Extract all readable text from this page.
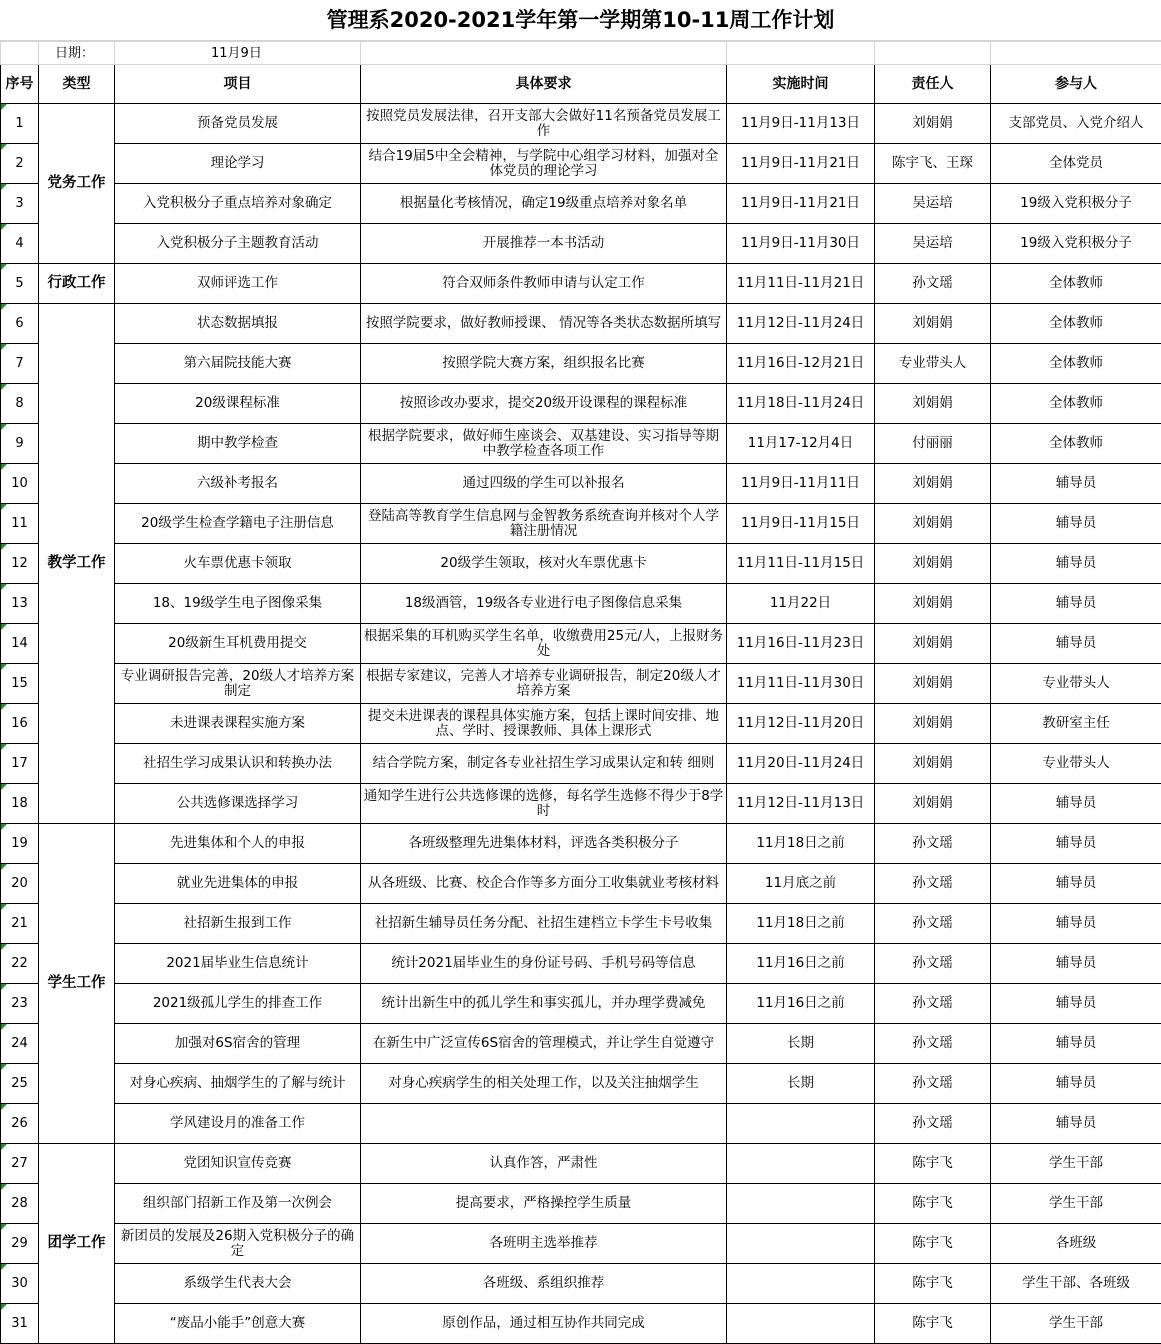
管理系2020-2021学年第一学期第10-11周工作计划
	日期：	11月9日				
序号	类型	项目	具体要求	实施时间	责任人	参与人
1	党务工作	预备党员发展	按照党员发展法律，召开支部大会做好11名预备党员发展工作	11月9日-11月13日	刘娟娟	支部党员、入党介绍人
2		理论学习	结合19届5中全会精神，与学院中心组学习材料，加强对全体党员的理论学习	11月9日-11月21日	陈宇飞、王琛	全体党员
3		入党积极分子重点培养对象确定	根据量化考核情况，确定19级重点培养对象名单	11月9日-11月21日	吴运培	19级入党积极分子
4		入党积极分子主题教育活动	开展推荐一本书活动	11月9日-11月30日	吴运培	19级入党积极分子
5	行政工作	双师评选工作	符合双师条件教师申请与认定工作	11月11日-11月21日	孙文瑶	全体教师
6	教学工作	状态数据填报	按照学院要求，做好教师授课、 情况等各类状态数据所填写	11月12日-11月24日	刘娟娟	全体教师
7		第六届院技能大赛	按照学院大赛方案，组织报名比赛	11月16日-12月21日	专业带头人	全体教师
8		20级课程标准	按照诊改办要求，提交20级开设课程的课程标准	11月18日-11月24日	刘娟娟	全体教师
9		期中教学检查	根据学院要求，做好师生座谈会、双基建设、实习指导等期中教学检查各项工作	11月17-12月4日	付丽丽	全体教师
10		六级补考报名	通过四级的学生可以补报名	11月9日-11月11日	刘娟娟	辅导员
11		20级学生检查学籍电子注册信息	登陆高等教育学生信息网与金智教务系统查询并核对个人学籍注册情况	11月9日-11月15日	刘娟娟	辅导员
12		火车票优惠卡领取	20级学生领取，核对火车票优惠卡	11月11日-11月15日	刘娟娟	辅导员
13		18、19级学生电子图像采集	18级酒管，19级各专业进行电子图像信息采集	11月22日	刘娟娟	辅导员
14		20级新生耳机费用提交	根据采集的耳机购买学生名单，收缴费用25元/人，上报财务处	11月16日-11月23日	刘娟娟	辅导员
15		专业调研报告完善，20级人才培养方案制定	根据专家建议，完善人才培养专业调研报告，制定20级人才培养方案	11月11日-11月30日	刘娟娟	专业带头人
16		未进课表课程实施方案	提交未进课表的课程具体实施方案，包括上课时间安排、地点、学时、授课教师、具体上课形式	11月12日-11月20日	刘娟娟	教研室主任
17		社招生学习成果认识和转换办法	结合学院方案，制定各专业社招生学习成果认定和转 细则	11月20日-11月24日	刘娟娟	专业带头人
18		公共选修课选择学习	通知学生进行公共选修课的选修，每名学生选修不得少于8学时	11月12日-11月13日	刘娟娟	辅导员
19	学生工作	先进集体和个人的申报	各班级整理先进集体材料，评选各类积极分子	11月18日之前	孙文瑶	辅导员
20		就业先进集体的申报	从各班级、比赛、校企合作等多方面分工收集就业考核材料	11月底之前	孙文瑶	辅导员
21		社招新生报到工作	社招新生辅导员任务分配、社招生建档立卡学生卡号收集	11月18日之前	孙文瑶	辅导员
22		2021届毕业生信息统计	统计2021届毕业生的身份证号码、手机号码等信息	11月16日之前	孙文瑶	辅导员
23		2021级孤儿学生的排查工作	统计出新生中的孤儿学生和事实孤儿，并办理学费减免	11月16日之前	孙文瑶	辅导员
24		加强对6S宿舍的管理	在新生中广泛宣传6S宿舍的管理模式，并让学生自觉遵守	长期	孙文瑶	辅导员
25		对身心疾病、抽烟学生的了解与统计	对身心疾病学生的相关处理工作，以及关注抽烟学生	长期	孙文瑶	辅导员
26		学风建设月的准备工作			孙文瑶	辅导员
27	团学工作	党团知识宣传竞赛	认真作答，严肃性		陈宇飞	学生干部
28		组织部门招新工作及第一次例会	提高要求，严格操控学生质量		陈宇飞	学生干部
29		新团员的发展及26期入党积极分子的确定	各班明主选举推荐		陈宇飞	各班级
30		系级学生代表大会	各班级、系组织推荐		陈宇飞	学生干部、各班级
31		“废品小能手”创意大赛	原创作品，通过相互协作共同完成		陈宇飞	学生干部
